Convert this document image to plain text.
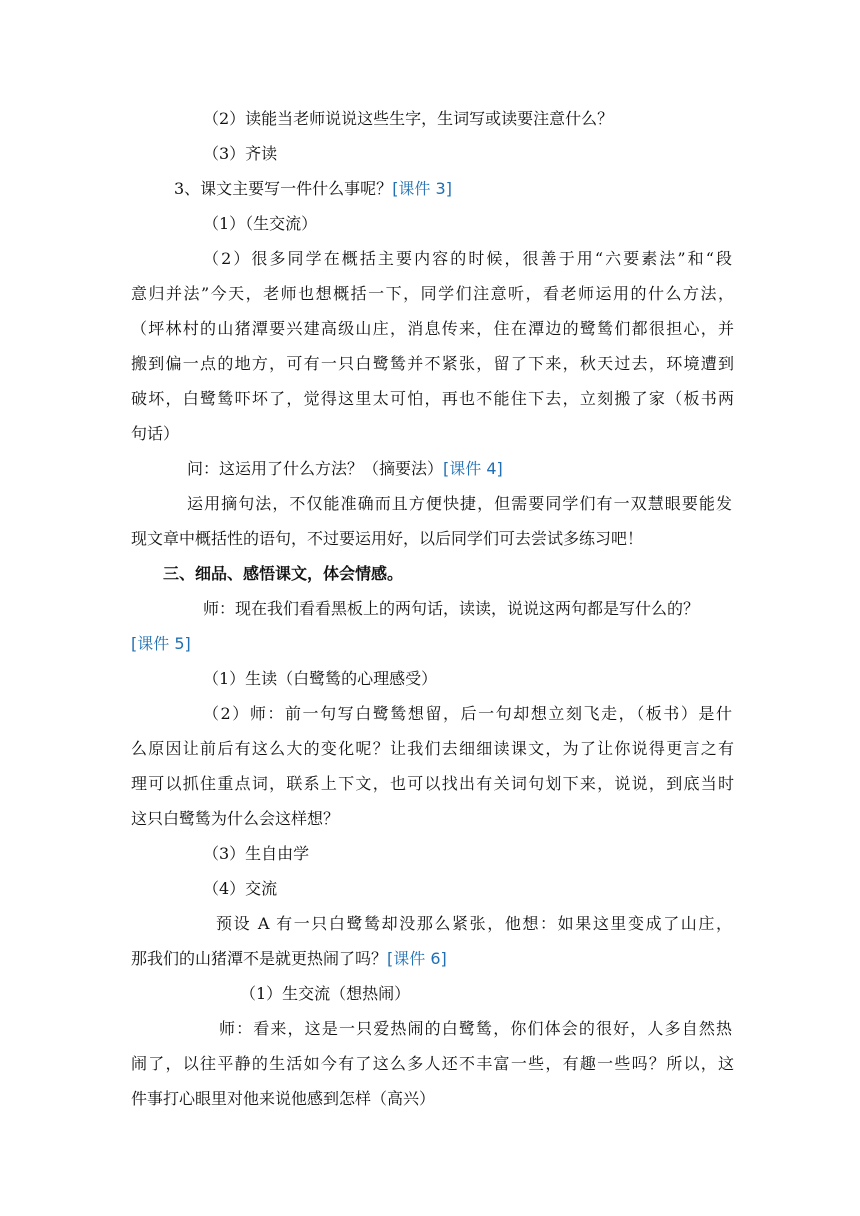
（2）读能当老师说说这些生字，生词写或读要注意什么？
（3）齐读
3、课文主要写一件什么事呢？[课件 3]
（1）（生交流）
（2）很多同学在概括主要内容的时候，很善于用“六要素法”和“段
意归并法”今天，老师也想概括一下，同学们注意听，看老师运用的什么方法，
（坪林村的山猪潭要兴建高级山庄，消息传来，住在潭边的鹭鸶们都很担心，并
搬到偏一点的地方，可有一只白鹭鸶并不紧张，留了下来，秋天过去，环境遭到
破坏，白鹭鸶吓坏了，觉得这里太可怕，再也不能住下去，立刻搬了家（板书两
句话）
问：这运用了什么方法？（摘要法）[课件 4]
运用摘句法，不仅能准确而且方便快捷，但需要同学们有一双慧眼要能发
现文章中概括性的语句，不过要运用好，以后同学们可去尝试多练习吧！
三、细品、感悟课文，体会情感。
师：现在我们看看黑板上的两句话，读读，说说这两句都是写什么的？
[课件 5]
（1）生读（白鹭鸶的心理感受）
（2）师：前一句写白鹭鸶想留，后一句却想立刻飞走，（板书）是什
么原因让前后有这么大的变化呢？让我们去细细读课文，为了让你说得更言之有
理可以抓住重点词，联系上下文，也可以找出有关词句划下来，说说，到底当时
这只白鹭鸶为什么会这样想？
（3）生自由学
（4）交流
预设 A 有一只白鹭鸶却没那么紧张，他想：如果这里变成了山庄，
那我们的山猪潭不是就更热闹了吗？[课件 6]
（1）生交流（想热闹）
师：看来，这是一只爱热闹的白鹭鸶，你们体会的很好，人多自然热
闹了，以往平静的生活如今有了这么多人还不丰富一些，有趣一些吗？所以，这
件事打心眼里对他来说他感到怎样（高兴）
